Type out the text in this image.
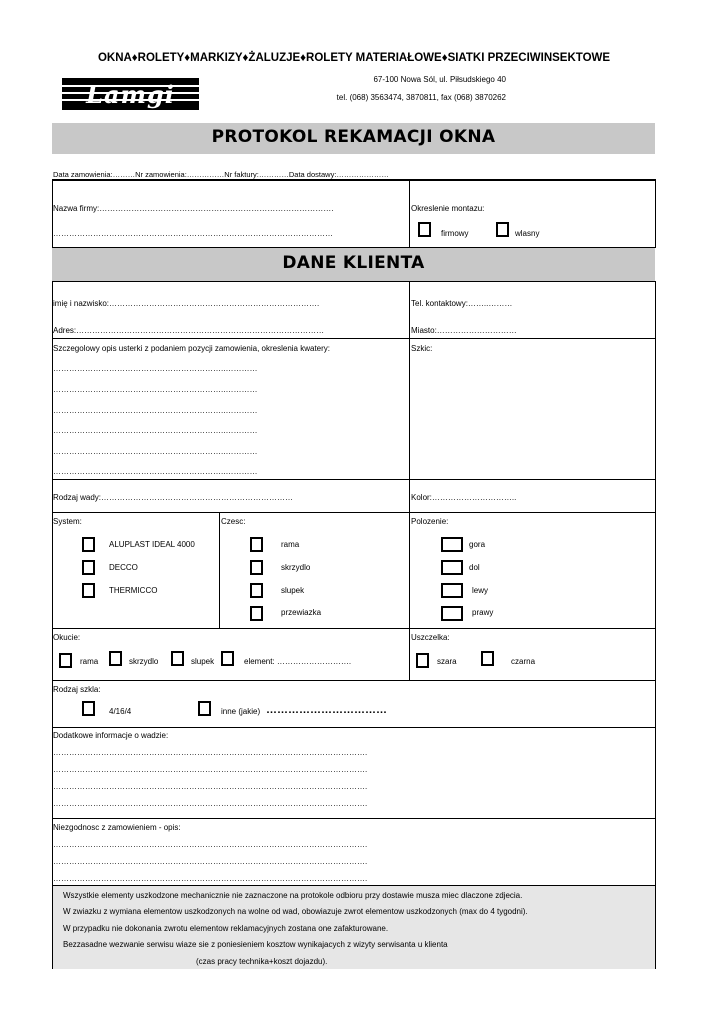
OKNA♦ROLETY♦MARKIZY♦ŻALUZJE♦ROLETY MATERIAŁOWE♦SIATKI PRZECIWINSEKTOWE
Lamgi
67-100 Nowa Sól, ul. Piłsudskiego 40
tel. (068) 3563474, 3870811, fax (068) 3870262
PROTOKOL REKAMACJI OKNA
Data zamowienia:………Nr zamowienia:……………Nr faktury:…………Data dostawy:…………………
Nazwa firmy:…………………………………………………………………………….
……………………………………………………………………………………………
Okreslenie montazu:
firmowy	wlasny
DANE KLIENTA
imię i nazwisko:…………………………………………………………………….	Tel. kontaktowy:……..………
Adres:…………………………………………………………………………………	Miasto:…………………………
Szczegolowy opis usterki z podaniem pozycji zamowienia, okreslenia kwatery:	Szkic:
………………………………………………………..…………
………………………………………………………..…………
………………………………………………………..…………
………………………………………………………..…………
………………………………………………………..…………
………………………………………………………..…………
Rodzaj wady:………………………………………………………………	Kolor:…………………………..
System:
ALUPLAST IDEAL 4000
DECCO
THERMICCO
Czesc:
rama
skrzydlo
slupek
przewiazka
Polozenie:
gora
dol
lewy
prawy
Okucie:
rama	skrzydlo	slupek	element: ……………………….
Uszczelka:
szara	czarna
Rodzaj szkla:
4/16/4	inne (jakie) ……………………………
Dodatkowe informacje o wadzie:
……………………………………………………………………………………………………….
……………………………………………………………………………………………………….
……………………………………………………………………………………………………….
……………………………………………………………………………………………………….
Niezgodnosc z zamowieniem - opis:
……………………………………………………………………………………………………….
……………………………………………………………………………………………………….
……………………………………………………………………………………………………….
Wszystkie elementy uszkodzone mechanicznie nie zaznaczone na protokole odbioru przy dostawie musza miec dlaczone zdjecia.
W zwiazku z wymiana elementow uszkodzonych na wolne od wad, obowiazuje zwrot elementow uszkodzonych (max do 4 tygodni).
W przypadku nie dokonania zwrotu elementow reklamacyjnych zostana one zafakturowane.
Bezzasadne wezwanie serwisu wiaze sie z poniesieniem kosztow wynikajacych z wizyty serwisanta u klienta
(czas pracy technika+koszt dojazdu).
